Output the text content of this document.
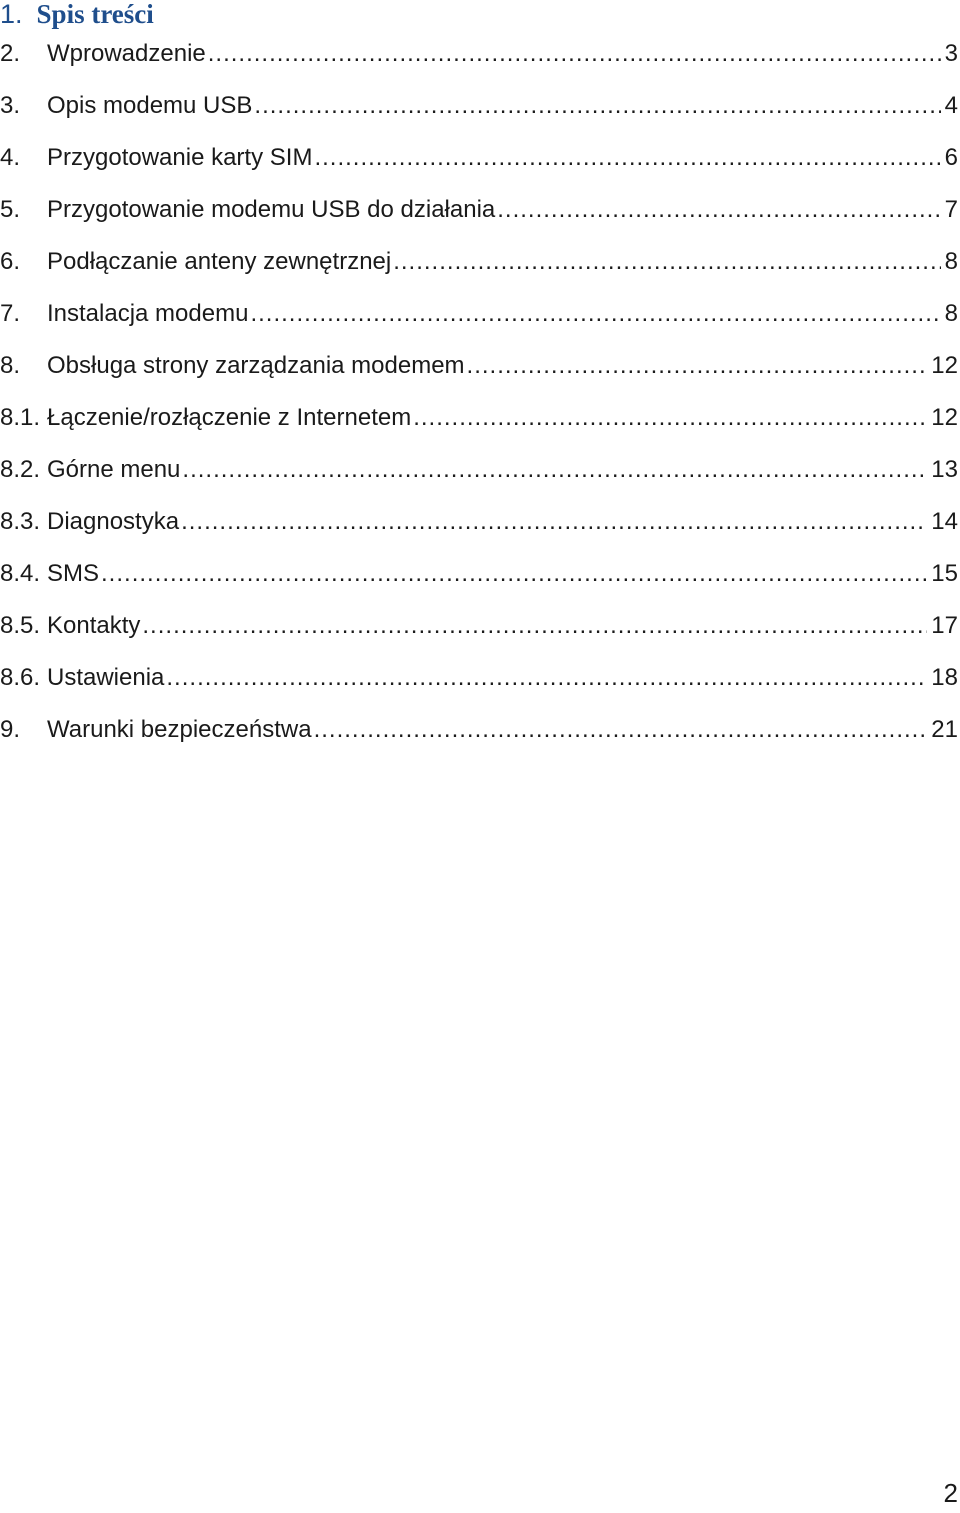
1. Spis treści
2.	Wprowadzenie .....	3
3.	Opis modemu USB .....	4
4.	Przygotowanie karty SIM .....	6
5.	Przygotowanie modemu USB do działania .....	7
6.	Podłączanie anteny zewnętrznej .....	8
7.	Instalacja modemu .....	8
8.	Obsługa strony zarządzania modemem .....	12
8.1. Łączenie/rozłączenie z Internetem .....	12
8.2. Górne menu .....	13
8.3. Diagnostyka .....	14
8.4. SMS .....	15
8.5. Kontakty .....	17
8.6. Ustawienia .....	18
9.	Warunki bezpieczeństwa .....	21
2
